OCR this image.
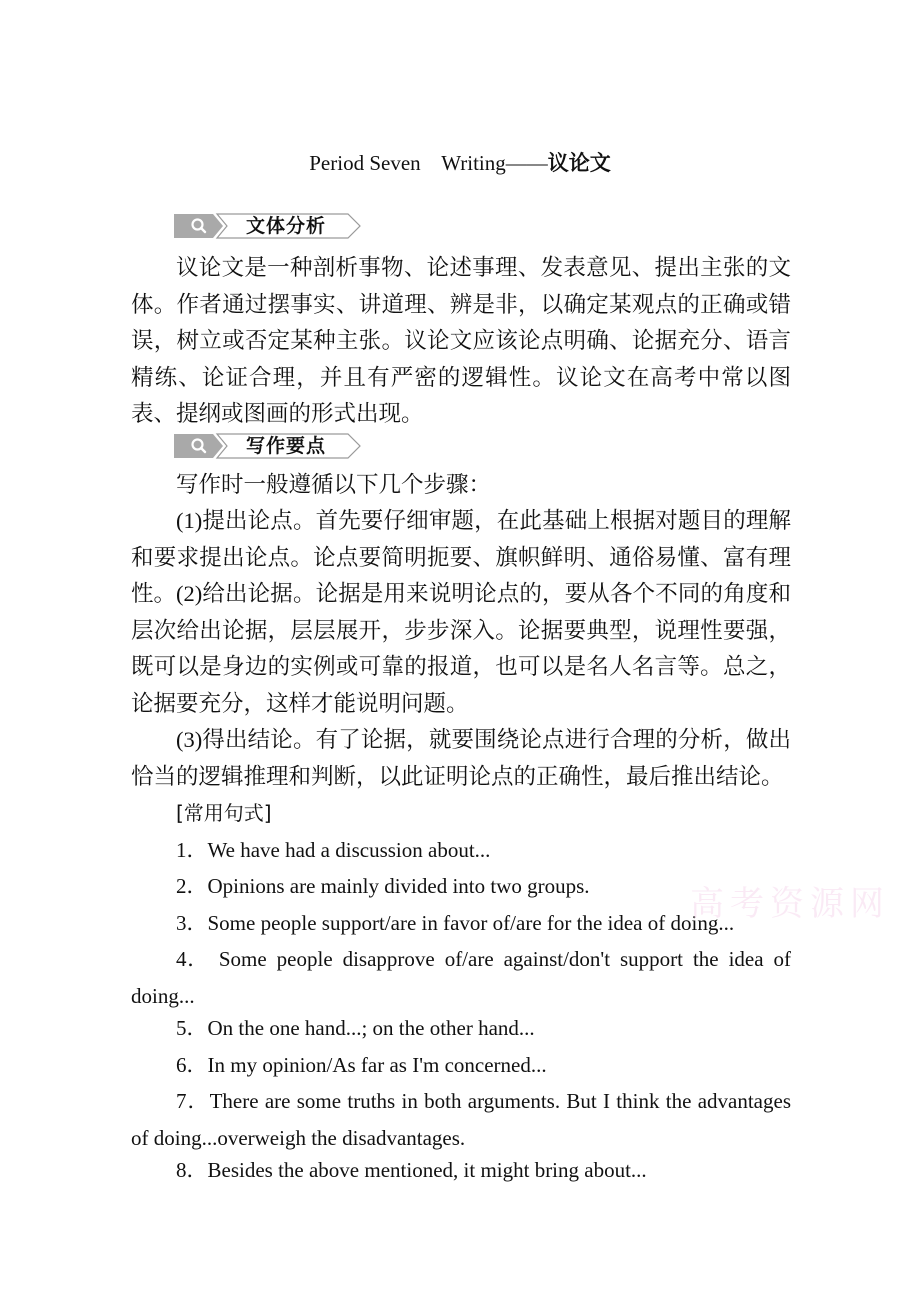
Period Seven    Writing——议论文
文体分析
议论文是一种剖析事物、论述事理、发表意见、提出主张的文体。作者通过摆事实、讲道理、辨是非，以确定某观点的正确或错误，树立或否定某种主张。议论文应该论点明确、论据充分、语言精练、论证合理，并且有严密的逻辑性。议论文在高考中常以图表、提纲或图画的形式出现。
写作要点
写作时一般遵循以下几个步骤：
(1)提出论点。首先要仔细审题，在此基础上根据对题目的理解和要求提出论点。论点要简明扼要、旗帜鲜明、通俗易懂、富有理性。 (2)给出论据。论据是用来说明论点的，要从各个不同的角度和层次给出论据，层层展开，步步深入。论据要典型，说理性要强，既可以是身边的实例或可靠的报道，也可以是名人名言等。总之，论据要充分，这样才能说明问题。
(3)得出结论。有了论据，就要围绕论点进行合理的分析，做出恰当的逻辑推理和判断，以此证明论点的正确性，最后推出结论。
[常用句式]
1．We have had a discussion about...
2．Opinions are mainly divided into two groups.
3．Some people support/are in favor of/are for the idea of doing...
4． Some people disapprove of/are against/don't support the idea of doing...
5．On the one hand...; on the other hand...
6．In my opinion/As far as I'm concerned...
7．There are some truths in both arguments. But I think the advantages of doing...overweigh the disadvantages.
8．Besides the above mentioned, it might bring about...
高考资源网
